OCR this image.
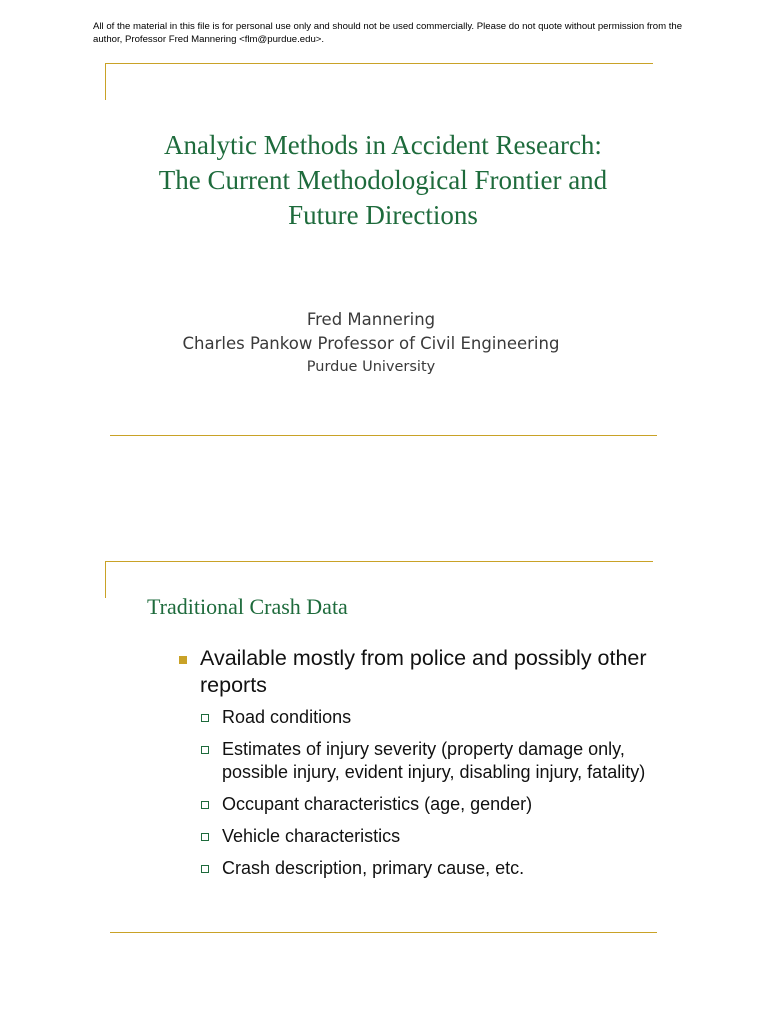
All of the material in this file is for personal use only and should not be used commercially. Please do not quote without permission from the author, Professor Fred Mannering <flm@purdue.edu>.
Analytic Methods in Accident Research:
The Current Methodological Frontier and
Future Directions
Fred Mannering
Charles Pankow Professor of Civil Engineering
Purdue University
Traditional Crash Data
Available mostly from police and possibly other reports
Road conditions
Estimates of injury severity (property damage only, possible injury, evident injury, disabling injury, fatality)
Occupant characteristics (age, gender)
Vehicle characteristics
Crash description, primary cause, etc.
